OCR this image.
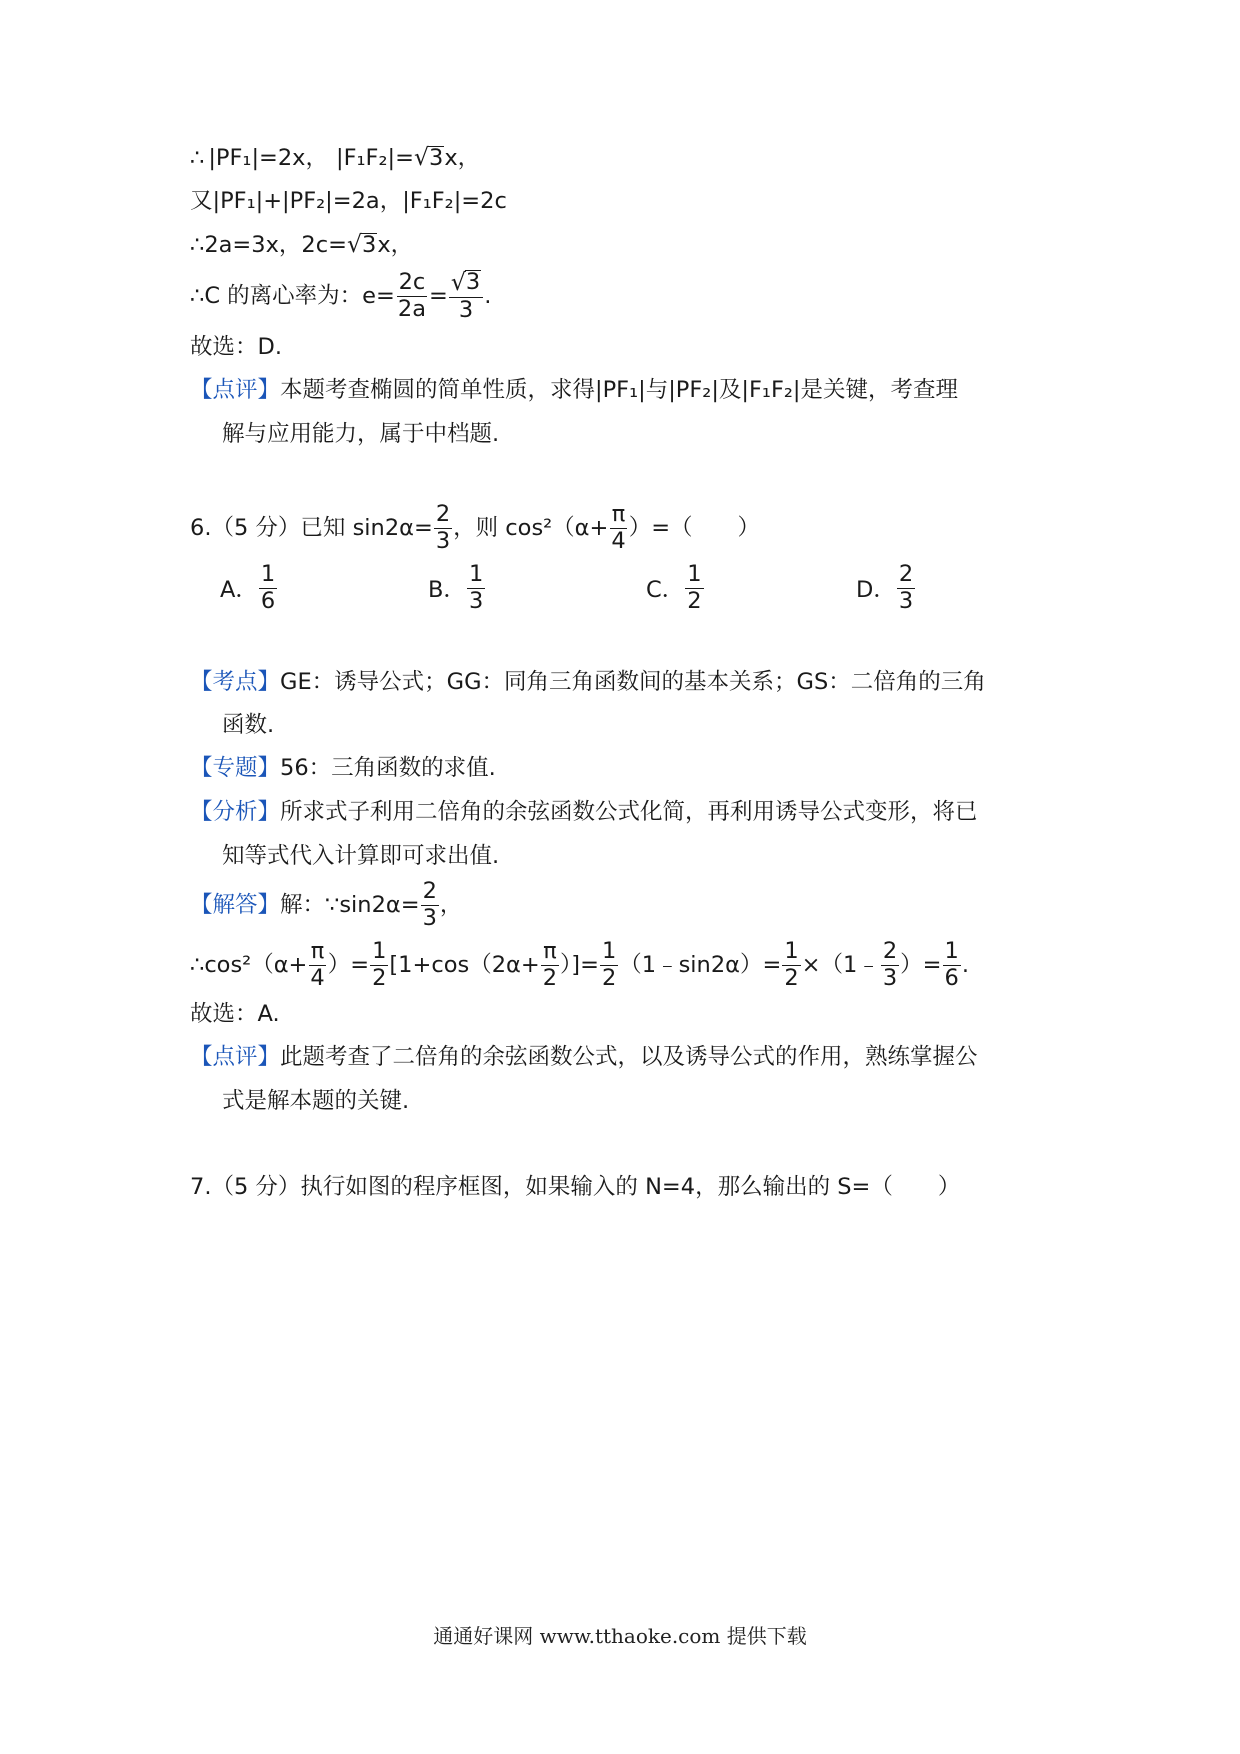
∴ |PF₁|=2x， |F₁F₂|= √ 3 x，
又|PF₁|+|PF₂|=2a，|F₁F₂|=2c
∴2a=3x，2c= √ 3 x，
∴C 的离心率为：$e= \frac{2c}{2a} = \frac{√ 3}{3}$ .
故选：D.
【点评】 本题考查椭圆的简单性质，求得|PF₁|与|PF₂|及|F₁F₂|是关键，考查理
解与应用能力，属于中档题.
6.（5 分）已知 $\sin 2\alpha= \frac{2}{3}$ ，则 $\cos^2(\alpha+ \frac{\pi}{4}$ ）=（　　）
A． $\frac{1}{6}$	B． $\frac{1}{3}$	C． $\frac{1}{2}$	D． $\frac{2}{3}$
【考点】 GE：诱导公式；GG：同角三角函数间的基本关系；GS：二倍角的三角
函数.
【专题】 56：三角函数的求值.
【分析】 所求式子利用二倍角的余弦函数公式化简，再利用诱导公式变形，将已
知等式代入计算即可求出值.
【解答】 解：∵sin2α= $\frac{2}{3}$ ，
∴cos²（α+ $\frac{\pi}{4}$ ）= $\frac{1}{2} [1+\cos(2\alpha+ \frac{\pi}{2}$ ）]= $\frac{1}{2}$ （1﹣sin2α）= $\frac{1}{2}$ ×（1﹣ $\frac{2}{3}$ ）= $\frac{1}{6}$ .
故选：A.
【点评】 此题考查了二倍角的余弦函数公式，以及诱导公式的作用，熟练掌握公
式是解本题的关键.
7.（5 分）执行如图的程序框图，如果输入的 N=4，那么输出的 S=（　　）
通通好课网 www.tthaoke.com 提供下载
